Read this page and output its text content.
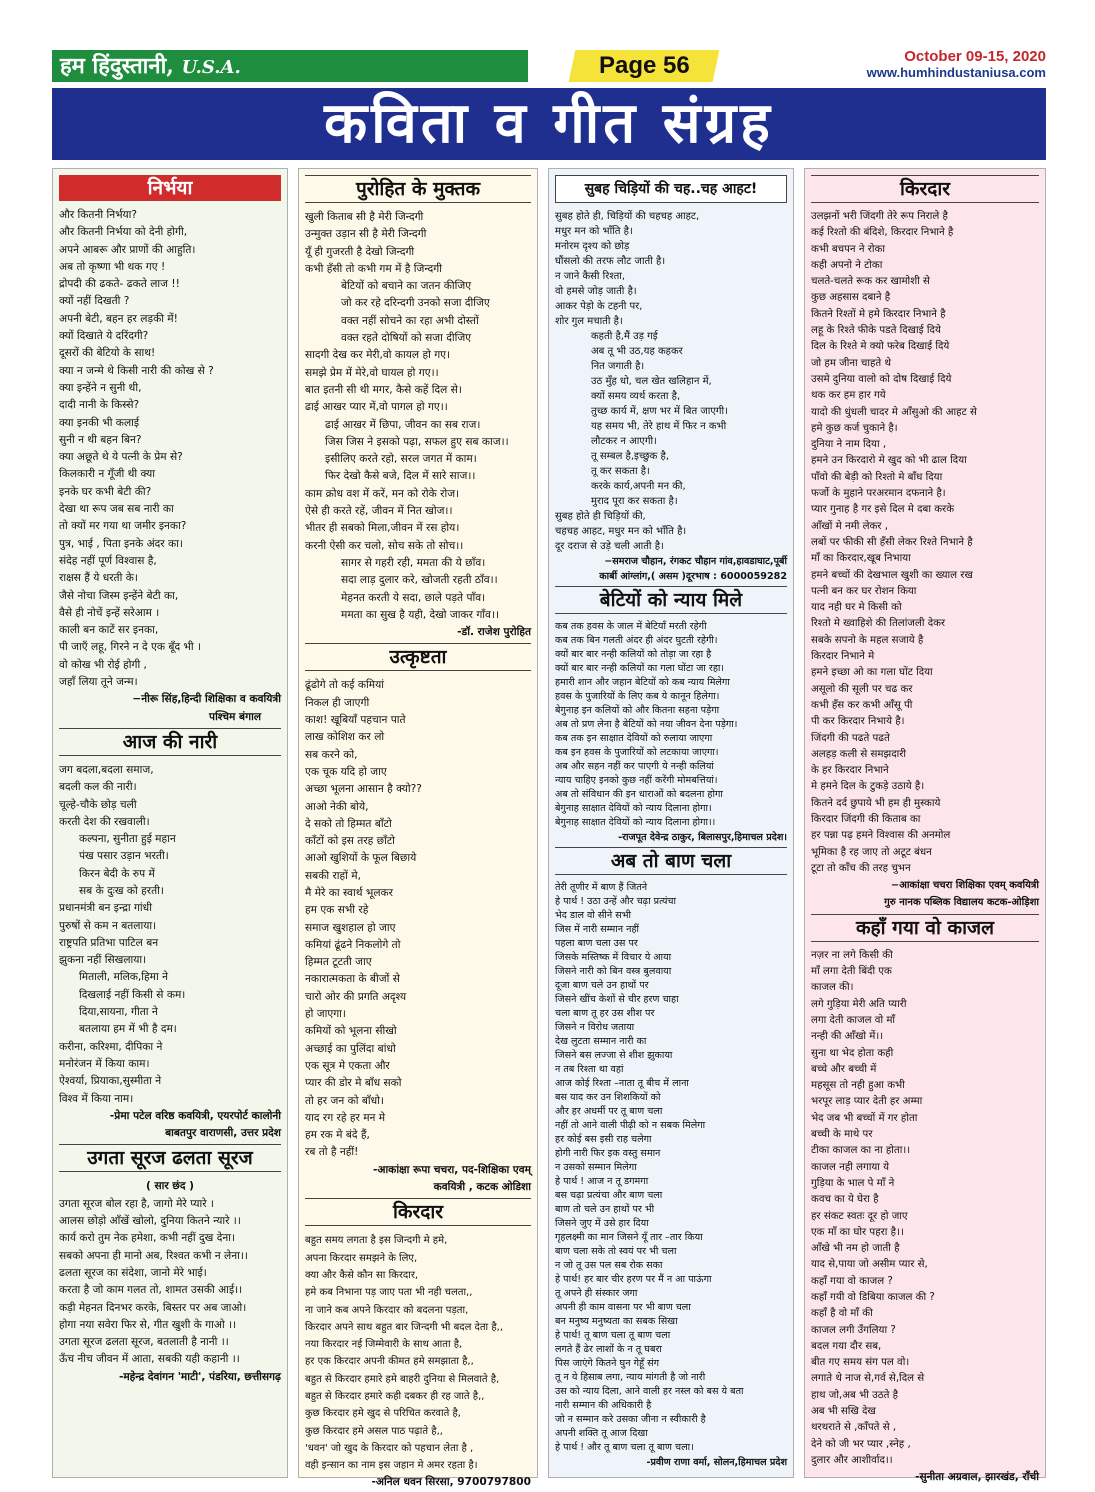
हम हिंदुस्तानी, U.S.A.	Page 56	October 09-15, 2020
www.humhindustaniusa.com
कविता व गीत संग्रह
निर्भया
और कितनी निर्भया?
और कितनी निर्भया को देनी होगी,
अपने आबरू और प्राणों की आहुति।
अब तो कृष्णा भी थक गए !
द्रोपदी की ढकते- ढकते लाज !!
क्यों नहीं दिखती ?
अपनी बेटी, बहन हर लड़की में!
क्यों दिखाते ये दरिंदगी?
दूसरों की बेटियो के साथ!
क्या न जन्मे थे किसी नारी की कोख से ?
क्या इन्हेंने न सुनी थी,
दादी नानी के किस्से?
क्या इनकी भी कलाई
सुनी न थी बहन बिन?
क्या अछूते थे ये पत्नी के प्रेम से?
किलकारी न गूँजी थी क्या
इनके घर कभी बेटी की?
देखा था रूप जब सब नारी का
तो क्यों मर गया था जमीर इनका?
पुत्र, भाई , पिता इनके अंदर का।
संदेह नहीं पूर्ण विश्वास है,
राक्षस हैं ये धरती के।
जैसे नोचा जिस्म इन्हेंने बेटी का,
वैसे ही नोचें इन्हें सरेआम ।
काली बन काटें सर इनका,
पी जाएँ लहू, गिरने न दे एक बूँद भी ।
वो कोख भी रोई होगी ,
जहाँ लिया तूने जन्म।
−नीरू सिंह,हिन्दी शिक्षिका व कवयित्री
पश्चिम बंगाल
आज की नारी
जग बदला,बदला समाज,
बदली कल की नारी।
चूल्हे-चौके छोड़ चली
करती देश की रखवाली।
कल्पना, सुनीता हुई महान
पंख पसार उड़ान भरती।
किरन बेदी के रुप में
सब के दुःख को हरती।
प्रधानमंत्री बन इन्द्रा गांधी
पुरुषों से कम न बतलाया।
राष्ट्रपति प्रतिभा पाटिल बन
झुकना नहीं सिखलाया।
मिताली, मलिक,हिमा ने
दिखलाई नहीं किसी से कम।
दिया,सायना, गीता ने
बतलाया हम में भी है दम।
करीना, करिश्मा, दीपिका ने
मनोरंजन में किया काम।
ऐश्वर्या, प्रियाका,सुस्मीता ने
विश्व में किया नाम।
-प्रेमा पटेल वरिष्ठ कवयित्री, एयरपोर्ट कालोनी
बाबतपुर वाराणसी, उत्तर प्रदेश
उगता सूरज ढलता सूरज
( सार छंद )
उगता सूरज बोल रहा है, जागो मेरे प्यारे ।
आलस छोड़ो आँखें खोलो, दुनिया कितने न्यारे ।।
कार्य करो तुम नेक हमेशा, कभी नहीं दुख देना।
सबको अपना ही मानो अब, रिश्वत कभी न लेना।।
ढलता सूरज का संदेशा, जानो मेरे भाई।
करता है जो काम गलत तो, शामत उसकी आई।।
कड़ी मेहनत दिनभर करके, बिस्तर पर अब जाओ।
होगा नया सवेरा फिर से, गीत खुशी के गाओ ।।
उगता सूरज ढलता सूरज, बतलाती है नानी ।।
ऊँच नीच जीवन में आता, सबकी यही कहानी ।।
-महेन्द्र देवांगन 'माटी', पंडरिया, छत्तीसगढ़
पुरोहित के मुक्तक
खुली किताब सी है मेरी जिन्दगी
उन्मुक्त उड़ान सी है मेरी जिन्दगी
यूँ ही गुजरती है देखो जिन्दगी
कभी हँसी तो कभी गम में है जिन्दगी
बेटियों को बचाने का जतन कीजिए
जो कर रहे दरिन्दगी उनको सजा दीजिए
वक्त नहीं सोचने का रहा अभी दोस्तों
वक्त रहते दोषियों को सजा दीजिए
सादगी देख कर मेरी,वो कायल हो गए।
समझे प्रेम में मेरे,वो घायल हो गए।।
बात इतनी सी थी मगर, कैसे कहें दिल से।
ढाई आखर प्यार में,वो पागल हो गए।।
ढाई आखर में छिपा, जीवन का सब राज।
जिस जिस ने इसको पढ़ा, सफल हुए सब काज।।
इसीलिए करते रहो, सरल जगत में काम।
फिर देखो कैसे बजे, दिल में सारे साज।।
काम क्रोध वश में करें, मन को रोके रोज।
ऐसे ही करते रहें, जीवन में नित खोज।।
भीतर ही सबको मिला,जीवन में रस होय।
करनी ऐसी कर चलो, सोच सके तो सोच।।
सागर से गहरी रही, ममता की ये छाँव।
सदा लाड़ दुलार करे, खोजती रहती ठाँव।।
मेहनत करती ये सदा, छाले पड़ते पाँव।
ममता का सुख है यही, देखो जाकर गाँव।।
-डॉ. राजेश पुरोहित
उत्कृष्टता
ढूंढोगे तो कई कमियां
निकल ही जाएगी
काश! खूबियाँ पहचान पाते
लाख कोशिश कर लो
सब करने को,
एक चूक यदि हो जाए
अच्छा भूलना आसान है क्यो??
आओ नेकी बोये,
दे सको तो हिम्मत बाँटो
काँटों को इस तरह छाँटो
आओ खुशियों के फूल बिछाये
सबकी राहों मे,
मै मेरे का स्वार्थ भूलकर
हम एक सभी रहे
समाज खुशहाल हो जाए
कमियां ढूंढने निकलोगे तो
हिम्मत टूटती जाए
नकारात्मकता के बीजों से
चारो ओर की प्रगति अदृश्य
हो जाएगा।
कमियों को भूलना सीखो
अच्छाई का पुलिंदा बांधो
एक सूत्र मे एकता और
प्यार की डोर मे बाँध सको
तो हर जन को बाँधो।
याद रग रहे हर मन मे
हम रक मे बंदे हैं,
रब तो है नहीं!
-आकांक्षा रूपा चचरा, पद-शिक्षिका एवम्
कवयित्री , कटक ओडिशा
किरदार
बहुत समय लगता है इस जिन्दगी मे हमे,
अपना किरदार समझने के लिए,
क्या और कैसे कौन सा किरदार,
हमे कब निभाना पड़ जाए पता भी नही चलता,,
ना जाने कब अपने किरदार को बदलना पड़ता,
किरदार अपने साथ बहुत बार जिन्दगी भी बदल देता है,,
नया किरदार नई जिम्मेवारी के साथ आता है,
हर एक किरदार अपनी कीमत हमे समझाता है,,
बहुत से किरदार हमारे हमे बाहरी दुनिया से मिलवाते है,
बहुत से किरदार हमारे कही दबकर ही रह जाते है,,
कुछ किरदार हमे खुद से परिचित करवाते है,
कुछ किरदार हमे असल पाठ पढ़ाते है,,
'धवन' जो खुद के किरदार को पहचान लेता है ,
वही इन्सान का नाम इस जहान मे अमर रहता है।
-अनिल धवन सिरसा, 9700797800
सुबह चिड़ियों की चह..चह आहट!
सुबह होते ही, चिड़ियों की चहचह आहट,
मधुर मन को भाँति है।
मनोरम दृश्य को छोड़
घौंसलो की तरफ लौट जाती है।
न जाने कैसी रिश्ता,
वो हमसे जोड़ जाती है।
आकर पेड़ो के टहनी पर,
शोर गुल मचाती है।
कहती है,मैं उड़ गई
अब तू भी उठ,यह कहकर
नित जगाती है।
उठ मुँह धो, चल खेत खलिहान में,
क्यों समय व्यर्थ करता है,
तुच्छ कार्य में, क्षण भर में बित जाएगी।
यह समय भी, तेरे हाथ में फिर न कभी
लौटकर न आएगी।
तू सम्बल है,इच्छुक है,
तू कर सकता है।
करके कार्य,अपनी मन की,
मुराद पूरा कर सकता है।
सुबह होते ही चिड़ियों की,
चहचह आहट, मधुर मन को भाँति है।
दूर दराज से उड़े चली आती है।
−समराज चौहान, रंगकट चौहान गांव,हावडाघाट,पूर्बी
कार्बी आंग्लांग,( असम )दूरभाष : 6000059282
बेटियों को न्याय मिले
कब तक हवस के जाल में बेटियाँ मरती रहेगी
कब तक बिन गलती अंदर ही अंदर घुटती रहेगी।
क्यों बार बार नन्ही कलियों को तोड़ा जा रहा है
क्यों बार बार नन्ही कलियों का गला घोंटा जा रहा।
हमारी शान और जहान बेटियों को कब न्याय मिलेगा
हवस के पुजारियों के लिए कब ये कानून हिलेगा।
बेगुनाह इन कलियों को और कितना सहना पड़ेगा
अब तो प्रण लेना है बेटियों को नया जीवन देना पड़ेगा।
कब तक इन साक्षात देवियों को रुलाया जाएगा
कब इन हवस के पुजारियों को लटकाया जाएगा।
अब और सहन नहीं कर पाएगी ये नन्ही कलियां
न्याय चाहिए इनको कुछ नहीं करेंगी मोमबत्तियां।
अब तो संविधान की इन धाराओं को बदलना होगा
बेगुनाह साक्षात देवियों को न्याय दिलाना होगा।
बेगुनाह साक्षात देवियों को न्याय दिलाना होगा।।
-राजपूत देवेन्द्र ठाकुर, बिलासपुर,हिमाचल प्रदेश।
अब तो बाण चला
तेरी तूणीर में बाण हैं जितने
हे पार्थ ! उठा उन्हें और चढ़ा प्रत्यंचा
भेद डाल वो सीने सभी
जिस में नारी सम्मान नहीं
पहला बाण चला उस पर
जिसके मस्तिष्क में विचार ये आया
जिसने नारी को बिन वस्त्र बुलवाया
दूजा बाण चले उन हाथों पर
जिसने खींच केशों से चीर हरण चाहा
चला बाण तू हर उस शीश पर
जिसने न विरोध जताया
देख लुटता सम्मान नारी का
जिसने बस लज्जा से शीश झुकाया
न तब रिश्ता था वहां
आज कोई रिश्ता –नाता तू बीच में लाना
बस याद कर उन शिशकियों को
और हर अधर्मी पर तू बाण चला
नहीं तो आने वाली पीढ़ी को न सबक मिलेगा
हर कोई बस इसी राह चलेगा
होगी नारी फिर इक वस्तु समान
न उसको सम्मान मिलेगा
हे पार्थ ! आज न तू डगमगा
बस चढ़ा प्रत्यंचा और बाण चला
बाण तो चले उन हाथों पर भी
जिसने जुए में उसे हार दिया
गृहलक्ष्मी का मान जिसने यूँ तार –तार किया
बाण चला सके तो स्वयं पर भी चला
न जो तू उस पल सब रोक सका
हे पार्थ! हर बार चीर हरण पर मैं न आ पाऊंगा
तू अपने ही संस्कार जगा
अपनी ही काम वासना पर भी बाण चला
बन मनुष्य मनुष्यता का सबक सिखा
हे पार्थ! तू बाण चला तू बाण चला
लगते हैं ढेर लाशों के न तू घबरा
पिस जाएंगे कितने घुन गेहूँ संग
तू न ये हिसाब लगा, न्याय मांगती है जो नारी
उस को न्याय दिला, आने वाली हर नस्ल को बस ये बता
नारी सम्मान की अधिकारी है
जो न सम्मान करे उसका जीना न स्वीकारी है
अपनी शक्ति तू आज दिखा
हे पार्थ ! और तू बाण चला तू बाण चला।
-प्रवीण राणा वर्मा, सोलन,हिमाचल प्रदेश
किरदार
उलझनों भरी जिंदगी तेरे रूप निराले है
कई रिश्तो की बंदिशे, किरदार निभाने है
कभी बचपन ने रोका
कही अपनो ने टोका
चलते-चलते रूक कर खामोशी से
कुछ अहसास दबाने है
कितने रिश्तों मे हमे किरदार निभाने है
लहू के रिश्ते फीके पडते दिखाई दिये
दिल के रिश्ते मे क्यो फरेब दिखाई दिये
जो हम जीना चाहते थे
उसमे दुनिया वालो को दोष दिखाई दिये
थक कर हम हार गये
यादो की धुंधली चादर मे आँसुओ की आहट से
हमे कुछ कर्ज चुकाने है।
दुनिया ने नाम दिया ,
हमने उन किरदारो मे खुद को भी ढाल दिया
पाँवो की बेड़ी को रिश्तो मे बाँध दिया
फर्जो के मुहाने परअरमान दफनाने है।
प्यार गुनाह है गर इसे दिल मे दबा करके
आँखों मे नमी लेकर ,
लबों पर फीकी सी हँसी लेकर रिश्ते निभाने है
माँ का किरदार,खूब निभाया
हमने बच्चों की देखभाल खुशी का ख्याल रख
पत्नी बन कर घर रोशन किया
याद नही घर मे किसी को
रिश्तो मे ख्वाहिशे की तिलांजली देकर
सबके सपनो के महल सजाये है
किरदार निभाने मे
हमने इच्छा ओ का गला घोंट दिया
असूलो की सूली पर चढ कर
कभी हँस कर कभी आँसू पी
पी कर किरदार निभाये है।
जिंदगी की पढते पढते
अलहड़ कली से समझदारी
के हर किरदार निभाने
मे हमने दिल के टुकड़े उठाये है।
कितने दर्द छुपाये भी हम ही मुस्काये
किरदार जिंदगी की किताब का
हर पन्ना पढ़ हमने विश्वास की अनमोल
भूमिका है रह जाए तो अटूट बंधन
टूटा तो काँच की तरह चुभन
−आकांक्षा चचरा शिक्षिका एवम् कवयित्री
गुरु नानक पब्लिक विद्यालय कटक-ओड़िशा
कहाँ गया वो काजल
नज़र ना लगे किसी की
माँ लगा देती बिंदी एक
काजल की।
लगे गुड़िया मेरी अति प्यारी
लगा देती काजल वो माँ
नन्ही की आँखो में।।
सुना था भेद होता कही
बच्चे और बच्ची में
महसूस तो नही हुआ कभी
भरपूर लाड़ प्यार देती हर अम्मा
भेद जब भी बच्चों में गर होता
बच्ची के माथे पर
टीका काजल का ना होता।।
काजल नही लगाया ये
गुड़िया के भाल पे माँ ने
कवच का ये घेरा है
हर संकट स्वतः दूर हो जाए
एक माँ का घोर पहरा है।।
आँखे भी नम हो जाती है
याद से,पाया जो असीम प्यार से,
कहाँ गया वो काजल ?
कहाँ गयी वो डिबिया काजल की ?
कहाँ है वो माँ की
काजल लगी उँगलिया ?
बदल गया दौर सब,
बीत गए समय संग पल वो।
लगाते थे नाज से,गर्व से,दिल से
हाथ जो,अब भी उठते है
अब भी सखि देख
थरथराते से ,काँपते से ,
देने को जी भर प्यार ,स्नेह ,
दुलार और आशीर्वाद।।
-सुनीता अग्रवाल, झारखंड, राँची
